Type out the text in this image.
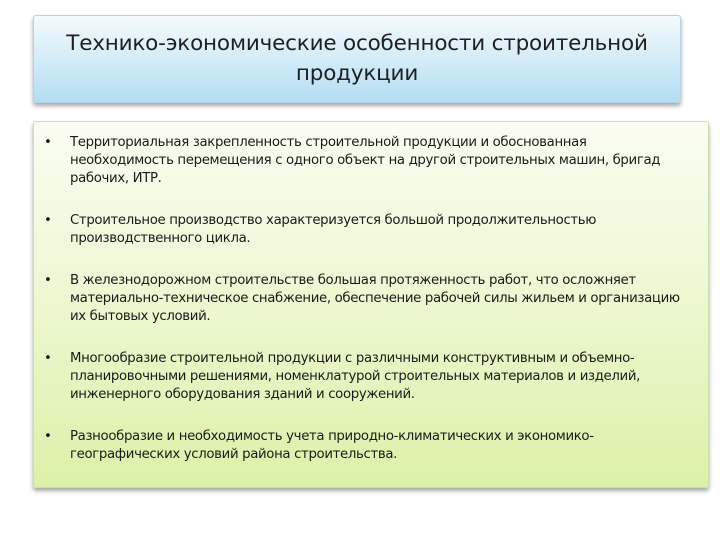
Технико-экономические особенности строительной продукции
•	Территориальная закрепленность строительной продукции и обоснованная необходимость перемещения с одного объект на другой строительных машин, бригад рабочих, ИТР.
•	Строительное производство характеризуется большой продолжительностью производственного цикла.
•	В железнодорожном строительстве большая протяженность работ, что осложняет материально-техническое снабжение, обеспечение рабочей силы жильем и организацию их бытовых условий.
•	Многообразие строительной продукции с различными конструктивным и объемно-планировочными решениями, номенклатурой строительных материалов и изделий, инженерного оборудования зданий и сооружений.
•	Разнообразие и необходимость учета природно-климатических и экономико-географических условий района строительства.
